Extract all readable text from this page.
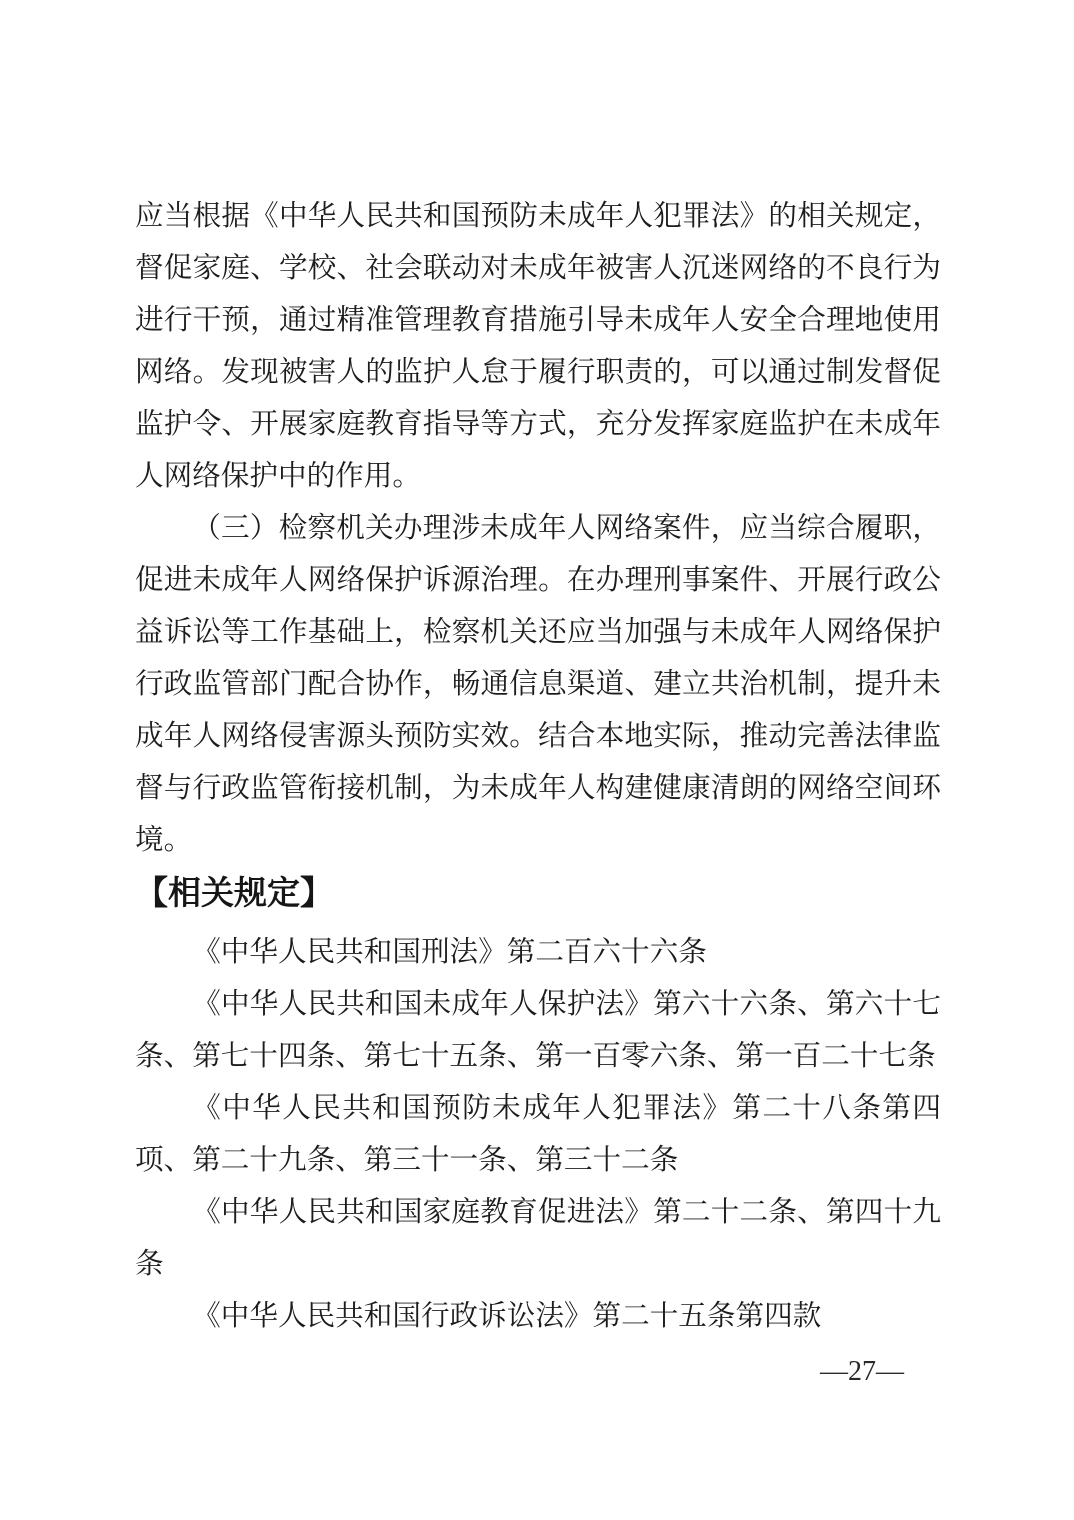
应当根据《中华人民共和国预防未成年人犯罪法》的相关规定，督促家庭、学校、社会联动对未成年被害人沉迷网络的不良行为进行干预，通过精准管理教育措施引导未成年人安全合理地使用网络。发现被害人的监护人怠于履行职责的，可以通过制发督促监护令、开展家庭教育指导等方式，充分发挥家庭监护在未成年人网络保护中的作用。

（三）检察机关办理涉未成年人网络案件，应当综合履职，促进未成年人网络保护诉源治理。在办理刑事案件、开展行政公益诉讼等工作基础上，检察机关还应当加强与未成年人网络保护行政监管部门配合协作，畅通信息渠道、建立共治机制，提升未成年人网络侵害源头预防实效。结合本地实际，推动完善法律监督与行政监管衔接机制，为未成年人构建健康清朗的网络空间环境。

【相关规定】

《中华人民共和国刑法》第二百六十六条

《中华人民共和国未成年人保护法》第六十六条、第六十七条、第七十四条、第七十五条、第一百零六条、第一百二十七条

《中华人民共和国预防未成年人犯罪法》第二十八条第四项、第二十九条、第三十一条、第三十二条

《中华人民共和国家庭教育促进法》第二十二条、第四十九条

《中华人民共和国行政诉讼法》第二十五条第四款

—27—
